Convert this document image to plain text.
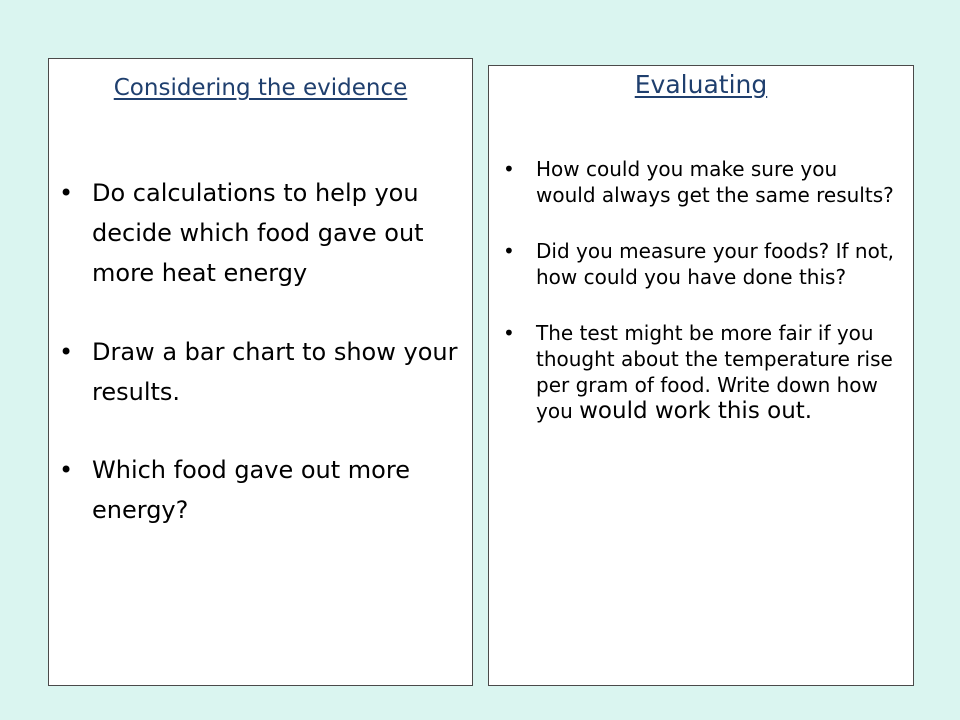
Considering the evidence
• Do calculations to help you decide which food gave out more heat energy
• Draw a bar chart to show your results.
• Which food gave out more energy?
Evaluating
• How could you make sure you would always get the same results?
• Did you measure your foods? If not, how could you have done this?
• The test might be more fair if you thought about the temperature rise per gram of food. Write down how you would work this out.
